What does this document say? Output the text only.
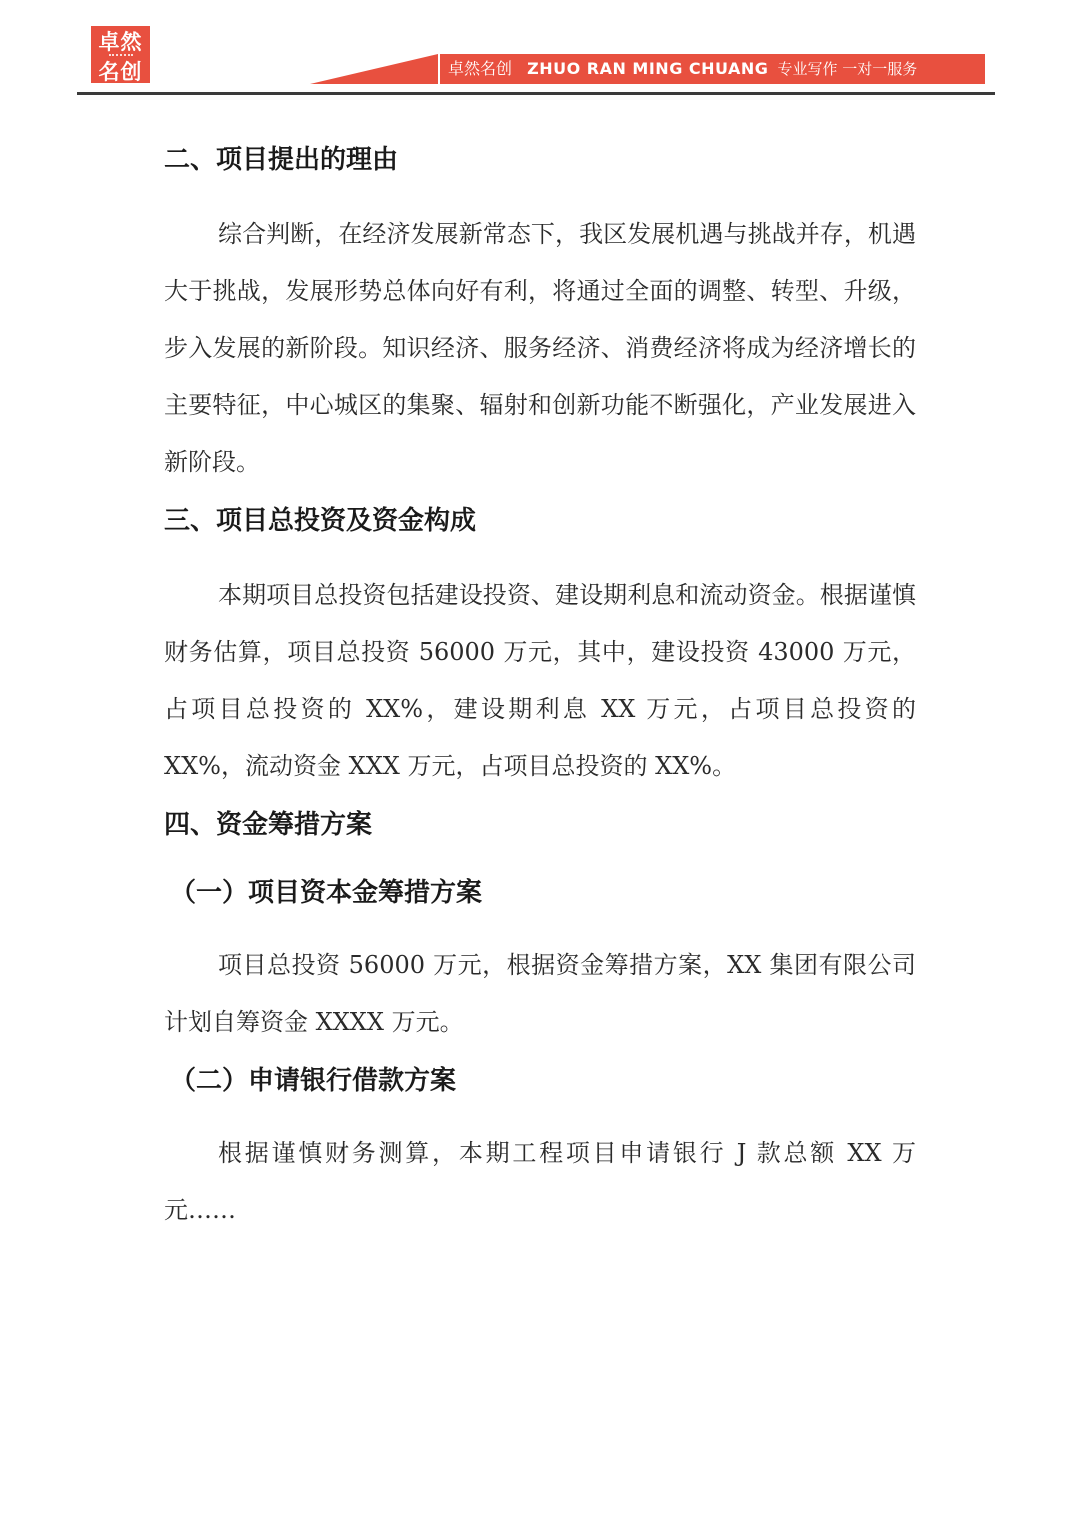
卓然
名创	卓然名创 ZHUO RAN MING CHUANG 专业写作 一对一服务
二、项目提出的理由

综合判断，在经济发展新常态下，我区发展机遇与挑战并存，机遇大于挑战，发展形势总体向好有利，将通过全面的调整、转型、升级，步入发展的新阶段。知识经济、服务经济、消费经济将成为经济增长的主要特征，中心城区的集聚、辐射和创新功能不断强化，产业发展进入新阶段。

三、项目总投资及资金构成

本期项目总投资包括建设投资、建设期利息和流动资金。根据谨慎财务估算，项目总投资 56000 万元，其中，建设投资 43000 万元，占项目总投资的 XX%，建设期利息 XX 万元，占项目总投资的 XX%，流动资金 XXX 万元，占项目总投资的 XX%。

四、资金筹措方案
（一）项目资本金筹措方案

项目总投资 56000 万元，根据资金筹措方案，XX 集团有限公司计划自筹资金 XXXX 万元。

（二）申请银行借款方案

根据谨慎财务测算，本期工程项目申请银行 J 款总额 XX 万元……
